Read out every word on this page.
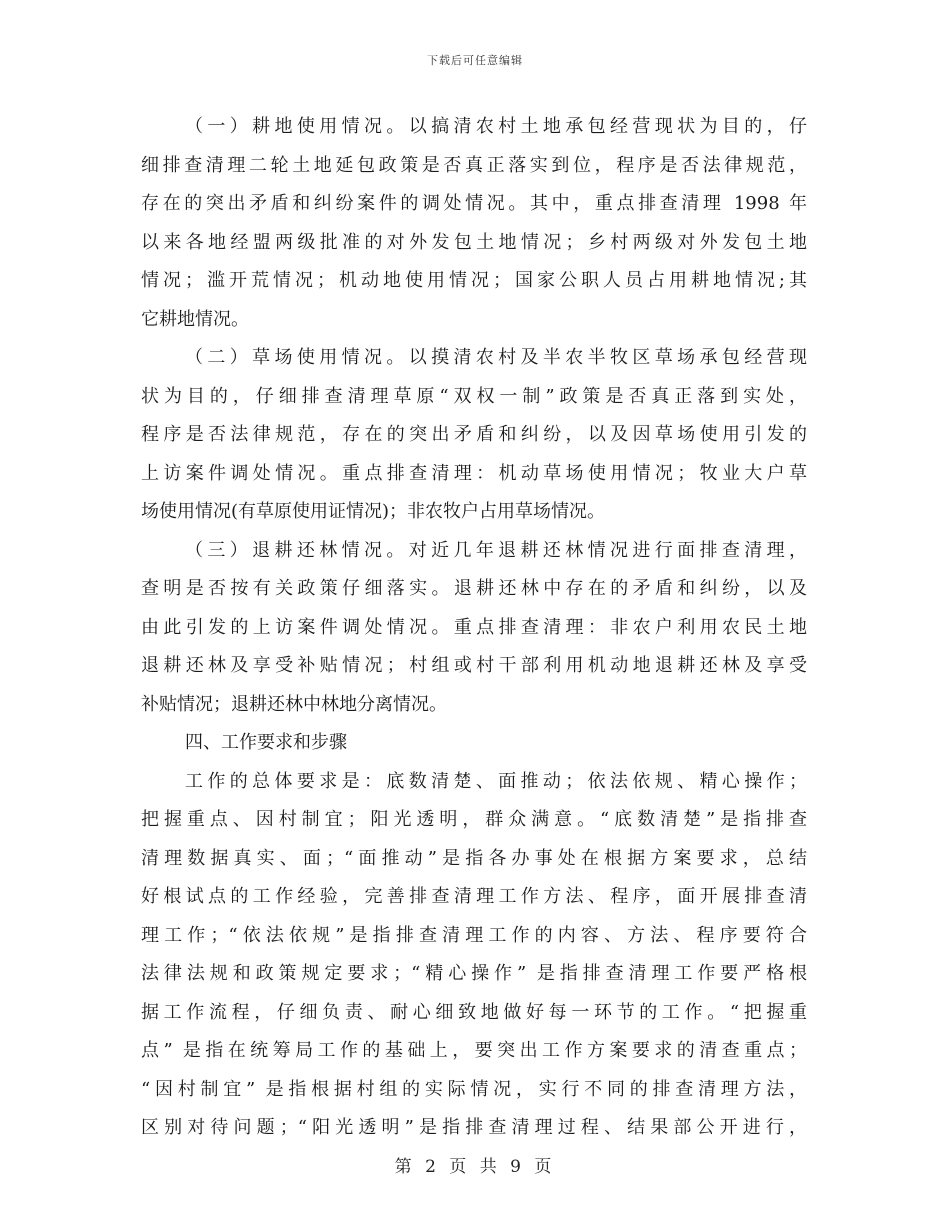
下载后可任意编辑
（一）耕地使用情况。以搞清农村土地承包经营现状为目的，仔
细排查清理二轮土地延包政策是否真正落实到位，程序是否法律规范，
存在的突出矛盾和纠纷案件的调处情况。其中，重点排查清理 1998 年
以来各地经盟两级批准的对外发包土地情况；乡村两级对外发包土地
情况；滥开荒情况；机动地使用情况；国家公职人员占用耕地情况;其
它耕地情况。
（二）草场使用情况。以摸清农村及半农半牧区草场承包经营现
状为目的，仔细排查清理草原“双权一制”政策是否真正落到实处，
程序是否法律规范，存在的突出矛盾和纠纷，以及因草场使用引发的
上访案件调处情况。重点排查清理：机动草场使用情况；牧业大户草
场使用情况(有草原使用证情况)；非农牧户占用草场情况。
（三）退耕还林情况。对近几年退耕还林情况进行面排查清理，
查明是否按有关政策仔细落实。退耕还林中存在的矛盾和纠纷，以及
由此引发的上访案件调处情况。重点排查清理：非农户利用农民土地
退耕还林及享受补贴情况；村组或村干部利用机动地退耕还林及享受
补贴情况；退耕还林中林地分离情况。
四、工作要求和步骤
工作的总体要求是：底数清楚、面推动；依法依规、精心操作；
把握重点、因村制宜；阳光透明，群众满意。“底数清楚”是指排查
清理数据真实、面；“面推动”是指各办事处在根据方案要求，总结
好根试点的工作经验，完善排查清理工作方法、程序，面开展排查清
理工作；“依法依规”是指排查清理工作的内容、方法、程序要符合
法律法规和政策规定要求；“精心操作” 是指排查清理工作要严格根
据工作流程，仔细负责、耐心细致地做好每一环节的工作。“把握重
点” 是指在统筹局工作的基础上，要突出工作方案要求的清查重点；
“因村制宜” 是指根据村组的实际情况，实行不同的排查清理方法，
区别对待问题；“阳光透明”是指排查清理过程、结果部公开进行，
第 2 页 共 9 页
